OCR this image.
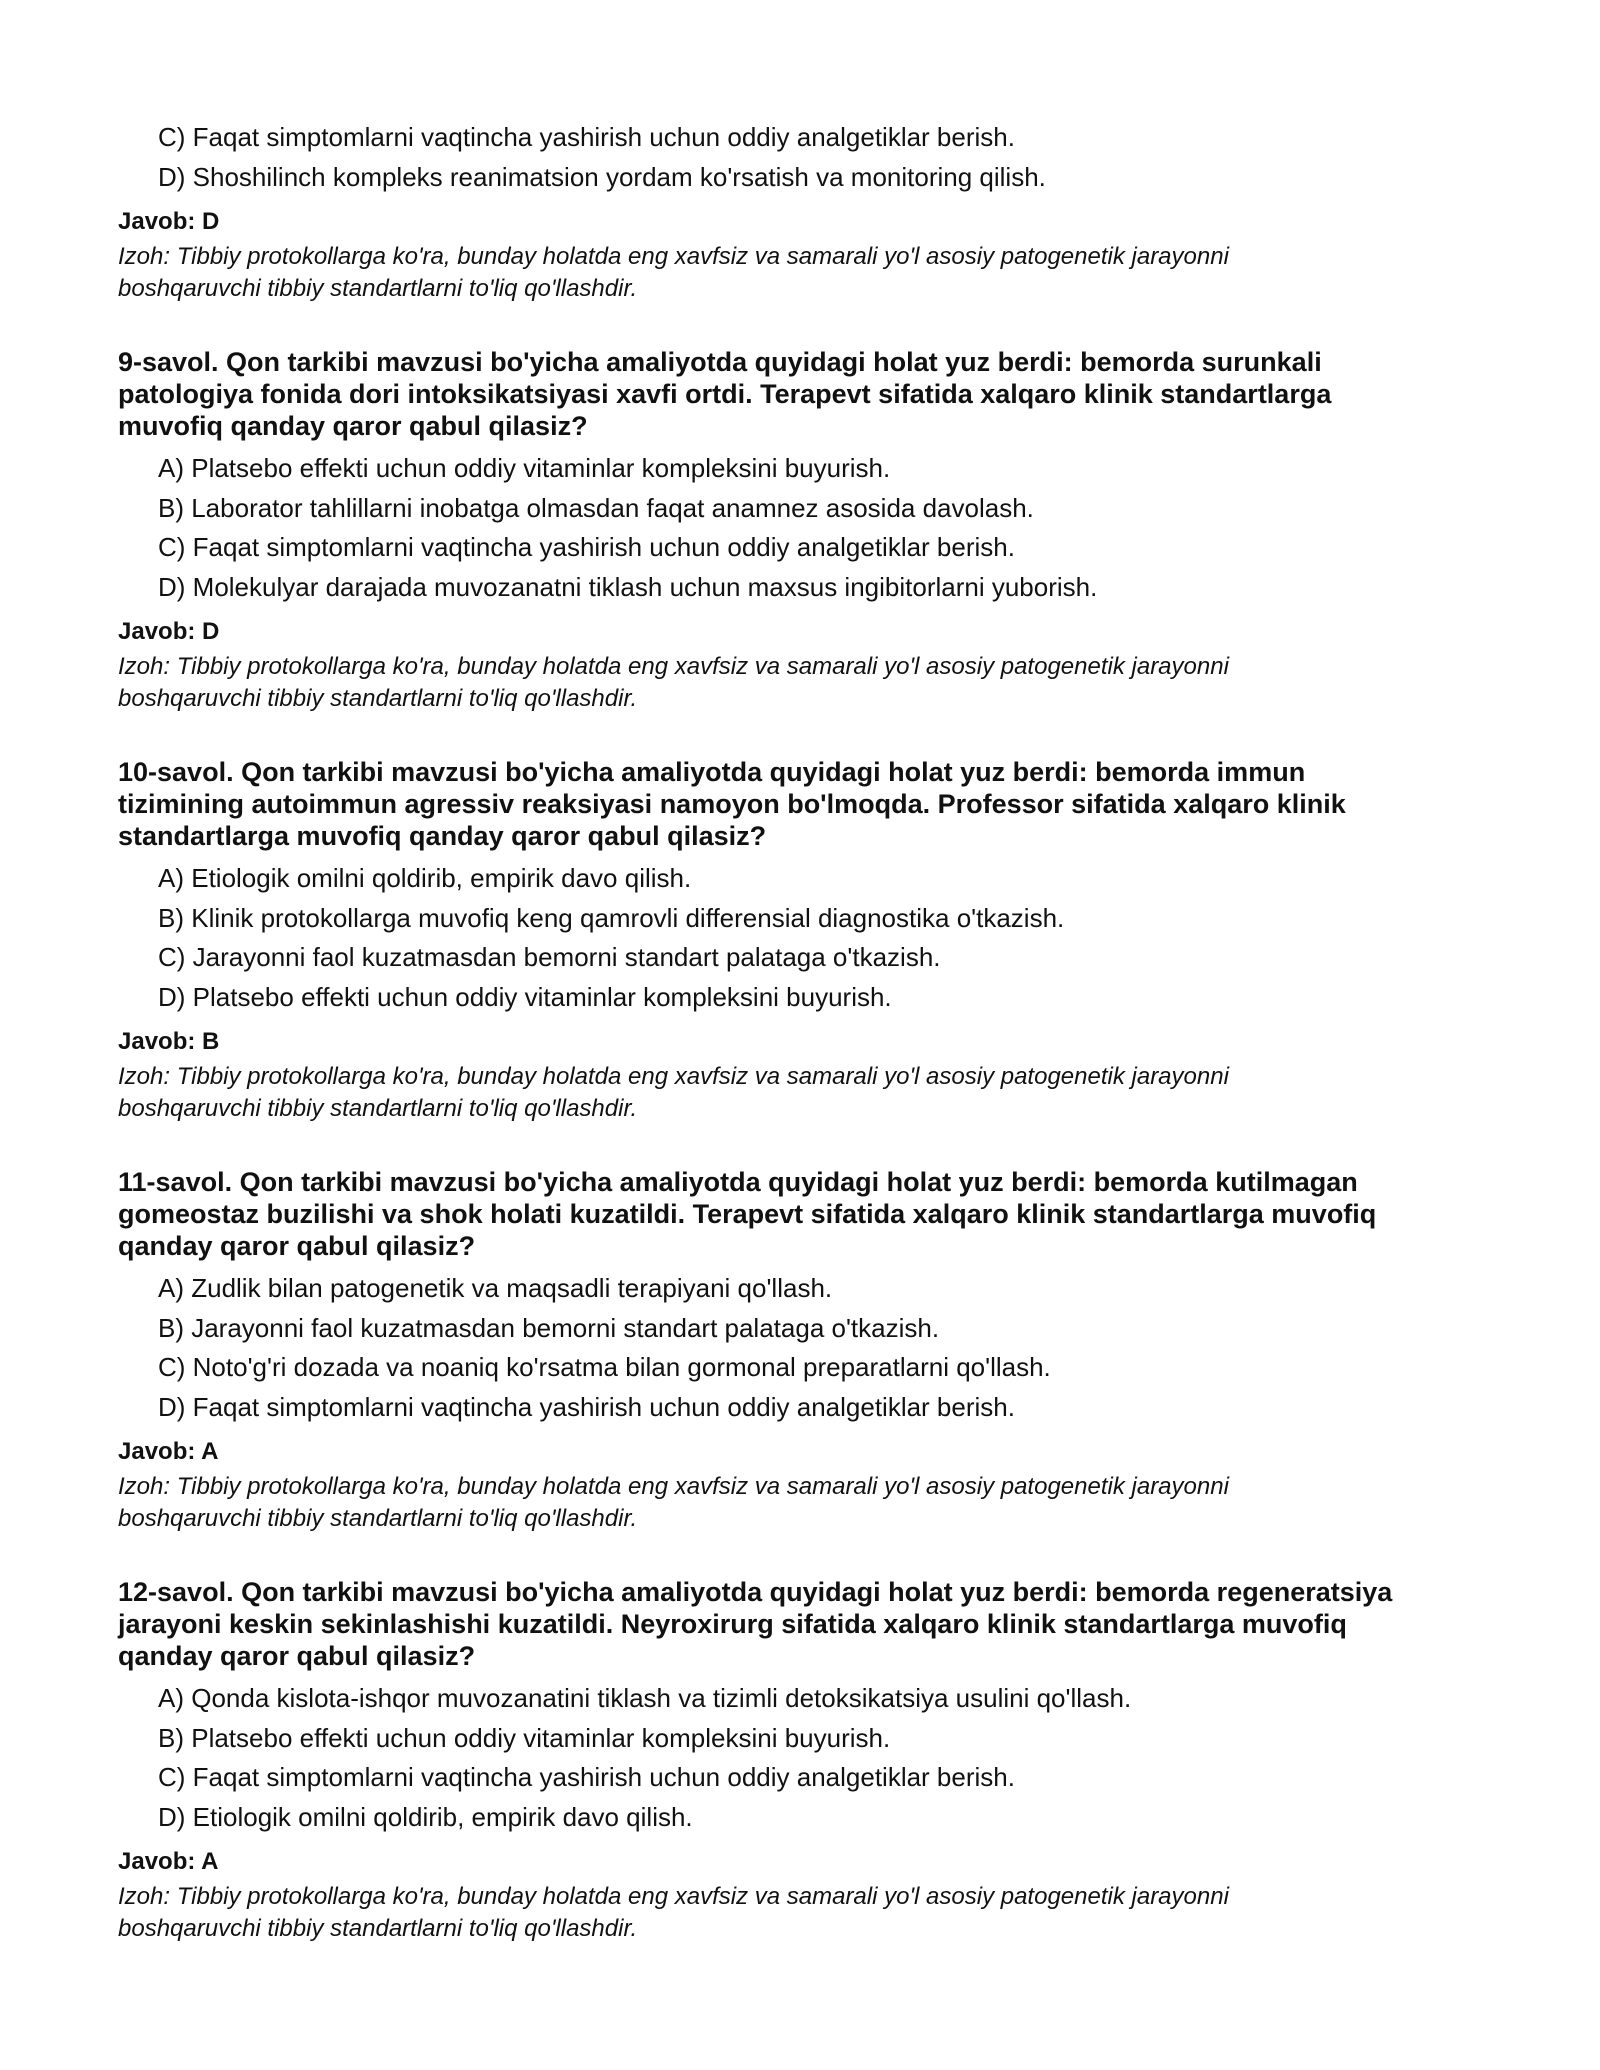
C) Faqat simptomlarni vaqtincha yashirish uchun oddiy analgetiklar berish.
D) Shoshilinch kompleks reanimatsion yordam ko'rsatish va monitoring qilish.
Javob: D
Izoh: Tibbiy protokollarga ko'ra, bunday holatda eng xavfsiz va samarali yo'l asosiy patogenetik jarayonni
boshqaruvchi tibbiy standartlarni to'liq qo'llashdir.
9-savol. Qon tarkibi mavzusi bo'yicha amaliyotda quyidagi holat yuz berdi: bemorda surunkali
patologiya fonida dori intoksikatsiyasi xavfi ortdi. Terapevt sifatida xalqaro klinik standartlarga
muvofiq qanday qaror qabul qilasiz?
A) Platsebo effekti uchun oddiy vitaminlar kompleksini buyurish.
B) Laborator tahlillarni inobatga olmasdan faqat anamnez asosida davolash.
C) Faqat simptomlarni vaqtincha yashirish uchun oddiy analgetiklar berish.
D) Molekulyar darajada muvozanatni tiklash uchun maxsus ingibitorlarni yuborish.
Javob: D
Izoh: Tibbiy protokollarga ko'ra, bunday holatda eng xavfsiz va samarali yo'l asosiy patogenetik jarayonni
boshqaruvchi tibbiy standartlarni to'liq qo'llashdir.
10-savol. Qon tarkibi mavzusi bo'yicha amaliyotda quyidagi holat yuz berdi: bemorda immun
tizimining autoimmun agressiv reaksiyasi namoyon bo'lmoqda. Professor sifatida xalqaro klinik
standartlarga muvofiq qanday qaror qabul qilasiz?
A) Etiologik omilni qoldirib, empirik davo qilish.
B) Klinik protokollarga muvofiq keng qamrovli differensial diagnostika o'tkazish.
C) Jarayonni faol kuzatmasdan bemorni standart palataga o'tkazish.
D) Platsebo effekti uchun oddiy vitaminlar kompleksini buyurish.
Javob: B
Izoh: Tibbiy protokollarga ko'ra, bunday holatda eng xavfsiz va samarali yo'l asosiy patogenetik jarayonni
boshqaruvchi tibbiy standartlarni to'liq qo'llashdir.
11-savol. Qon tarkibi mavzusi bo'yicha amaliyotda quyidagi holat yuz berdi: bemorda kutilmagan
gomeostaz buzilishi va shok holati kuzatildi. Terapevt sifatida xalqaro klinik standartlarga muvofiq
qanday qaror qabul qilasiz?
A) Zudlik bilan patogenetik va maqsadli terapiyani qo'llash.
B) Jarayonni faol kuzatmasdan bemorni standart palataga o'tkazish.
C) Noto'g'ri dozada va noaniq ko'rsatma bilan gormonal preparatlarni qo'llash.
D) Faqat simptomlarni vaqtincha yashirish uchun oddiy analgetiklar berish.
Javob: A
Izoh: Tibbiy protokollarga ko'ra, bunday holatda eng xavfsiz va samarali yo'l asosiy patogenetik jarayonni
boshqaruvchi tibbiy standartlarni to'liq qo'llashdir.
12-savol. Qon tarkibi mavzusi bo'yicha amaliyotda quyidagi holat yuz berdi: bemorda regeneratsiya
jarayoni keskin sekinlashishi kuzatildi. Neyroxirurg sifatida xalqaro klinik standartlarga muvofiq
qanday qaror qabul qilasiz?
A) Qonda kislota-ishqor muvozanatini tiklash va tizimli detoksikatsiya usulini qo'llash.
B) Platsebo effekti uchun oddiy vitaminlar kompleksini buyurish.
C) Faqat simptomlarni vaqtincha yashirish uchun oddiy analgetiklar berish.
D) Etiologik omilni qoldirib, empirik davo qilish.
Javob: A
Izoh: Tibbiy protokollarga ko'ra, bunday holatda eng xavfsiz va samarali yo'l asosiy patogenetik jarayonni
boshqaruvchi tibbiy standartlarni to'liq qo'llashdir.
